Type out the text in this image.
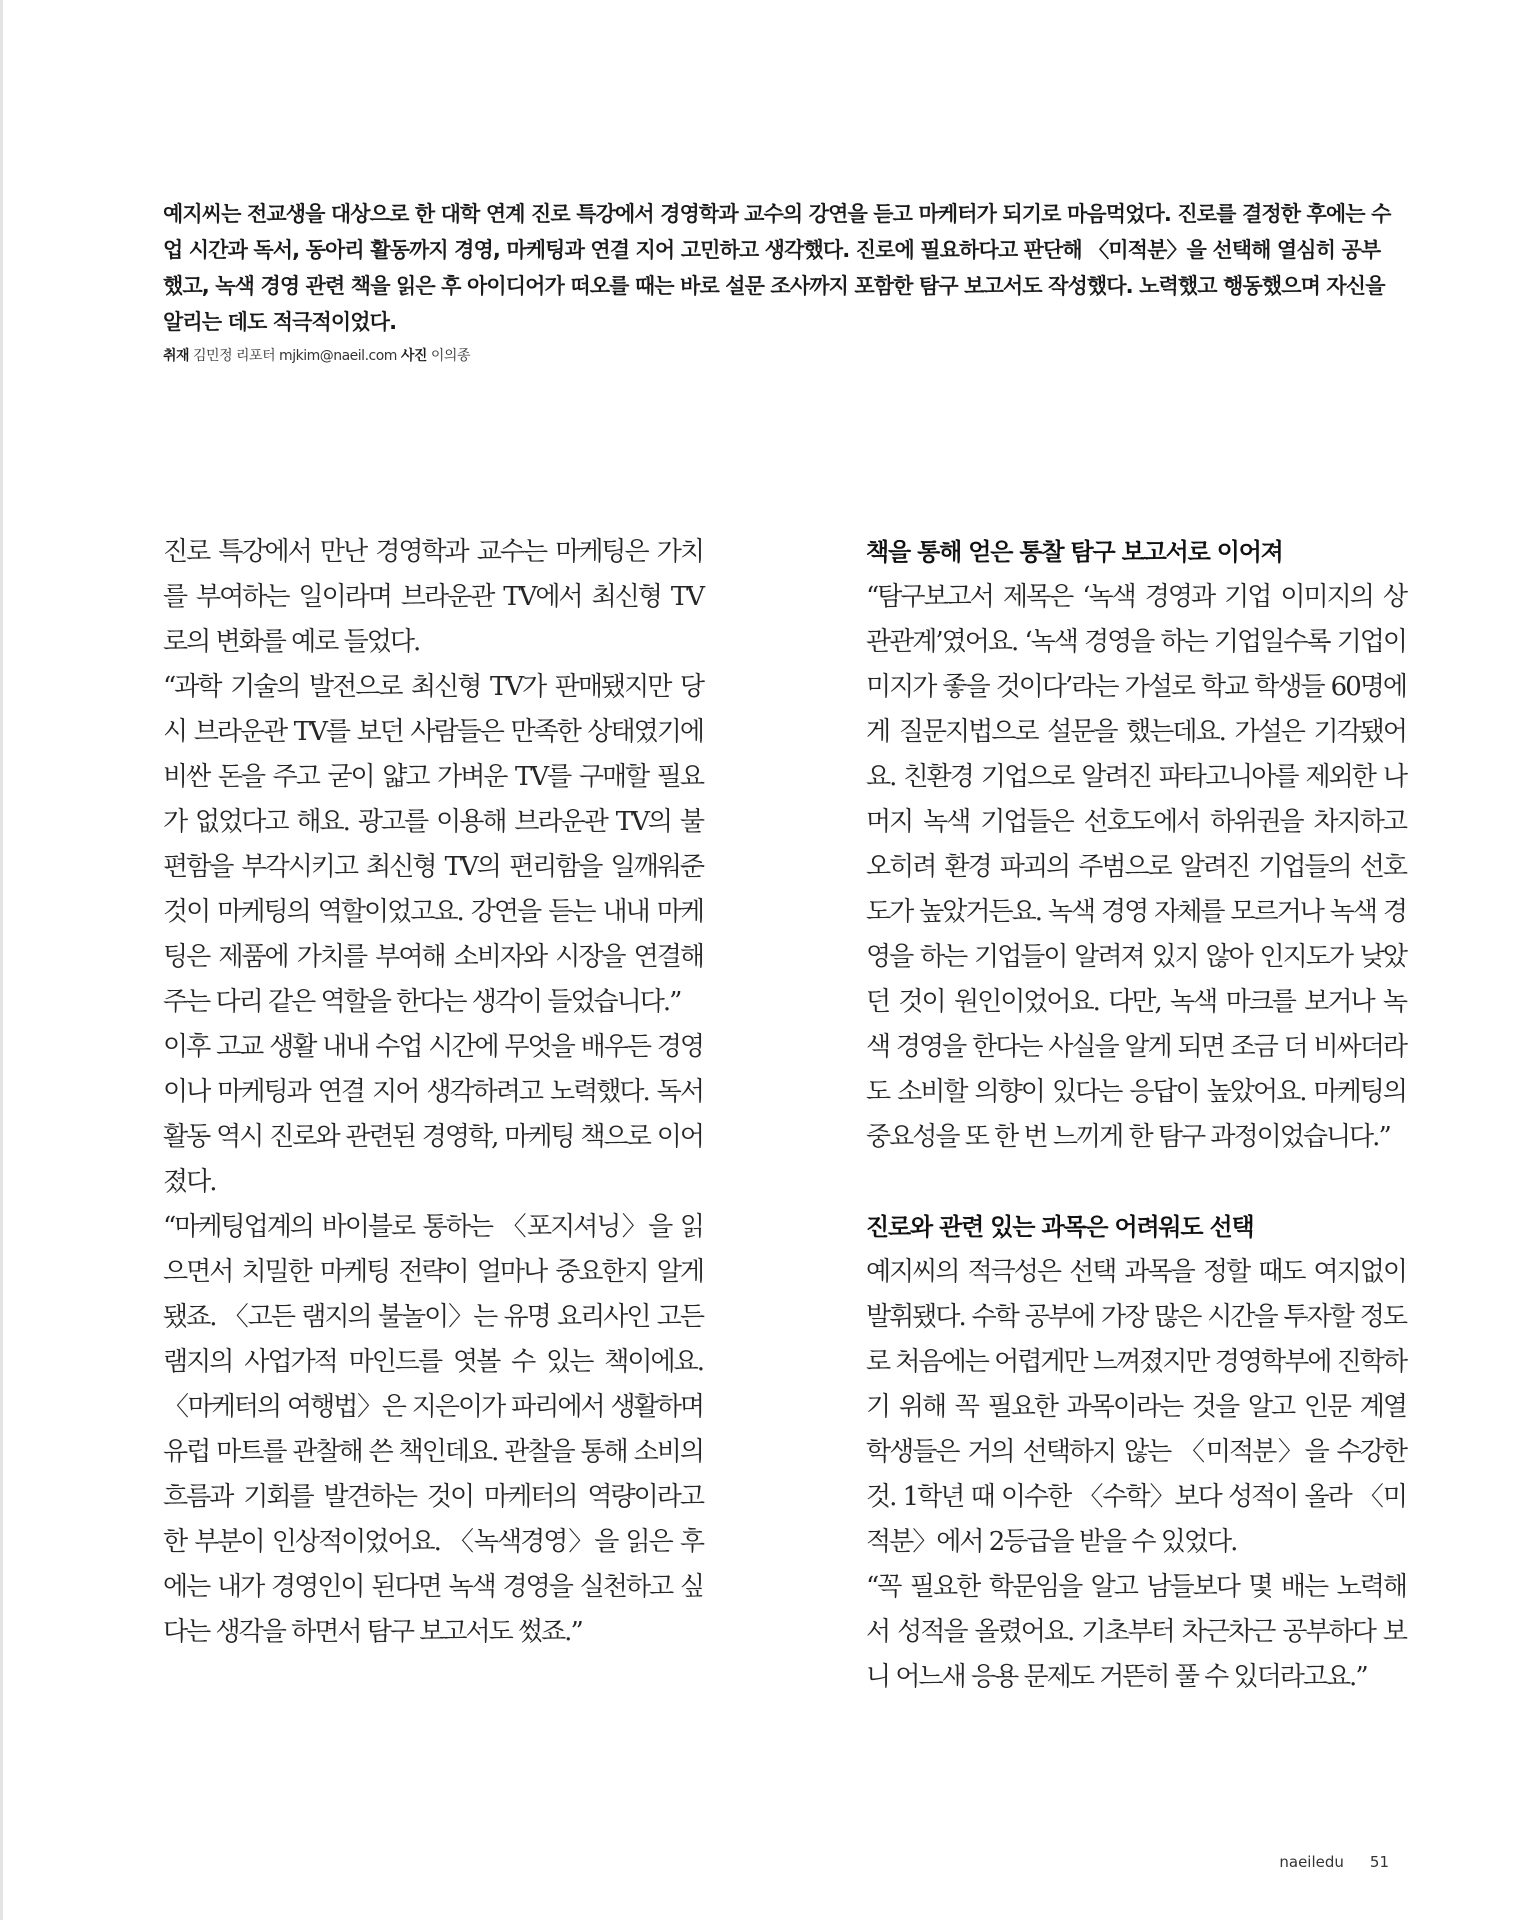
예지씨는 전교생을 대상으로 한 대학 연계 진로 특강에서 경영학과 교수의 강연을 듣고 마케터가 되기로 마음먹었다. 진로를 결정한 후에는 수업 시간과 독서, 동아리 활동까지 경영, 마케팅과 연결 지어 고민하고 생각했다. 진로에 필요하다고 판단해 〈미적분〉을 선택해 열심히 공부했고, 녹색 경영 관련 책을 읽은 후 아이디어가 떠오를 때는 바로 설문 조사까지 포함한 탐구 보고서도 작성했다. 노력했고 행동했으며 자신을 알리는 데도 적극적이었다.

취재 김민정 리포터 mjkim@naeil.com 사진 이의종

진로 특강에서 만난 경영학과 교수는 마케팅은 가치를 부여하는 일이라며 브라운관 TV에서 최신형 TV로의 변화를 예로 들었다.

“과학 기술의 발전으로 최신형 TV가 판매됐지만 당시 브라운관 TV를 보던 사람들은 만족한 상태였기에 비싼 돈을 주고 굳이 얇고 가벼운 TV를 구매할 필요가 없었다고 해요. 광고를 이용해 브라운관 TV의 불편함을 부각시키고 최신형 TV의 편리함을 일깨워준 것이 마케팅의 역할이었고요. 강연을 듣는 내내 마케팅은 제품에 가치를 부여해 소비자와 시장을 연결해주는 다리 같은 역할을 한다는 생각이 들었습니다.”

이후 고교 생활 내내 수업 시간에 무엇을 배우든 경영이나 마케팅과 연결 지어 생각하려고 노력했다. 독서 활동 역시 진로와 관련된 경영학, 마케팅 책으로 이어졌다.

“마케팅업계의 바이블로 통하는 〈포지셔닝〉을 읽으면서 치밀한 마케팅 전략이 얼마나 중요한지 알게 됐죠. 〈고든 램지의 불놀이〉는 유명 요리사인 고든 램지의 사업가적 마인드를 엿볼 수 있는 책이에요. 〈마케터의 여행법〉은 지은이가 파리에서 생활하며 유럽 마트를 관찰해 쓴 책인데요. 관찰을 통해 소비의 흐름과 기회를 발견하는 것이 마케터의 역량이라고 한 부분이 인상적이었어요. 〈녹색경영〉을 읽은 후에는 내가 경영인이 된다면 녹색 경영을 실천하고 싶다는 생각을 하면서 탐구 보고서도 썼죠.”

책을 통해 얻은 통찰 탐구 보고서로 이어져

“탐구보고서 제목은 ‘녹색 경영과 기업 이미지의 상관관계’였어요. ‘녹색 경영을 하는 기업일수록 기업이미지가 좋을 것이다’라는 가설로 학교 학생들 60명에게 질문지법으로 설문을 했는데요. 가설은 기각됐어요. 친환경 기업으로 알려진 파타고니아를 제외한 나머지 녹색 기업들은 선호도에서 하위권을 차지하고 오히려 환경 파괴의 주범으로 알려진 기업들의 선호도가 높았거든요. 녹색 경영 자체를 모르거나 녹색 경영을 하는 기업들이 알려져 있지 않아 인지도가 낮았던 것이 원인이었어요. 다만, 녹색 마크를 보거나 녹색 경영을 한다는 사실을 알게 되면 조금 더 비싸더라도 소비할 의향이 있다는 응답이 높았어요. 마케팅의 중요성을 또 한 번 느끼게 한 탐구 과정이었습니다.”

진로와 관련 있는 과목은 어려워도 선택

예지씨의 적극성은 선택 과목을 정할 때도 여지없이 발휘됐다. 수학 공부에 가장 많은 시간을 투자할 정도로 처음에는 어렵게만 느껴졌지만 경영학부에 진학하기 위해 꼭 필요한 과목이라는 것을 알고 인문 계열 학생들은 거의 선택하지 않는 〈미적분〉을 수강한 것. 1학년 때 이수한 〈수학〉보다 성적이 올라 〈미적분〉에서 2등급을 받을 수 있었다.

“꼭 필요한 학문임을 알고 남들보다 몇 배는 노력해서 성적을 올렸어요. 기초부터 차근차근 공부하다 보니 어느새 응용 문제도 거뜬히 풀 수 있더라고요.”

naeiledu 51
